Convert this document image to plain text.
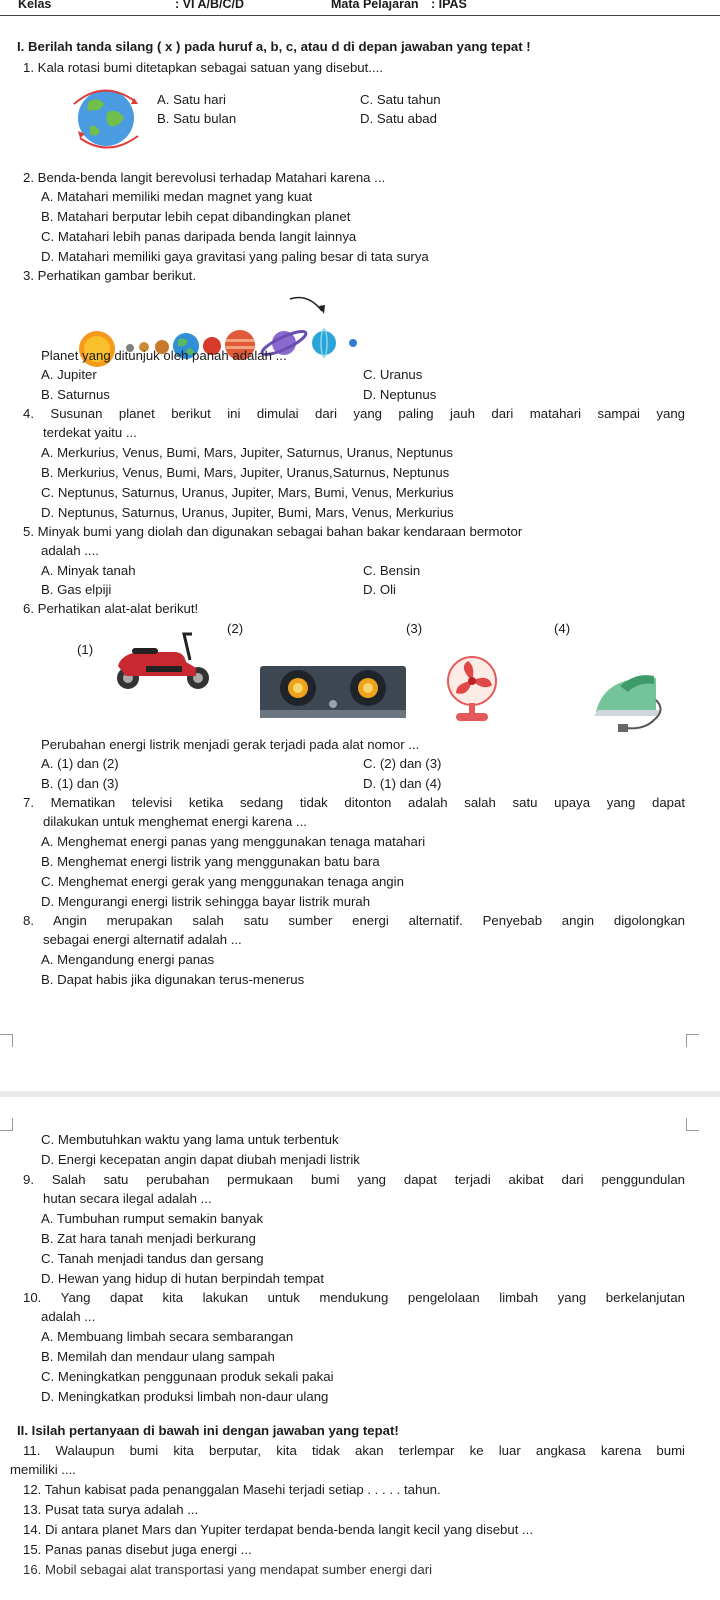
Kelas	: VI A/B/C/D	Mata Pelajaran : IPAS
I. Berilah tanda silang ( x ) pada huruf a, b, c, atau d di depan jawaban yang tepat !
1. Kala rotasi bumi ditetapkan sebagai satuan yang disebut....
A. Satu hari
B. Satu bulan
C. Satu tahun
D. Satu abad
2. Benda-benda langit berevolusi terhadap Matahari karena ...
A. Matahari memiliki medan magnet yang kuat
B. Matahari berputar lebih cepat dibandingkan planet
C. Matahari lebih panas daripada benda langit lainnya
D. Matahari memiliki gaya gravitasi yang paling besar di tata surya
3. Perhatikan gambar berikut.
Planet yang ditunjuk oleh panah adalah ...
A. Jupiter
B. Saturnus
C. Uranus
D. Neptunus
4. Susunan planet berikut ini dimulai dari yang paling jauh dari matahari sampai yang
terdekat yaitu ...
A. Merkurius, Venus, Bumi, Mars, Jupiter, Saturnus, Uranus, Neptunus
B. Merkurius, Venus, Bumi, Mars, Jupiter, Uranus,Saturnus, Neptunus
C. Neptunus, Saturnus, Uranus, Jupiter, Mars, Bumi, Venus, Merkurius
D. Neptunus, Saturnus, Uranus, Jupiter, Bumi, Mars, Venus, Merkurius
5. Minyak bumi yang diolah dan digunakan sebagai bahan bakar kendaraan bermotor
adalah ....
A. Minyak tanah
B. Gas elpiji
C. Bensin
D. Oli
6. Perhatikan alat-alat berikut!
(1)
(2)	(3)	(4)
Perubahan energi listrik menjadi gerak terjadi pada alat nomor ...
A. (1) dan (2)
B. (1) dan (3)
C. (2) dan (3)
D. (1) dan (4)
7. Mematikan televisi ketika sedang tidak ditonton adalah salah satu upaya yang dapat
dilakukan untuk menghemat energi karena ...
A. Menghemat energi panas yang menggunakan tenaga matahari
B. Menghemat energi listrik yang menggunakan batu bara
C. Menghemat energi gerak yang menggunakan tenaga angin
D. Mengurangi energi listrik sehingga bayar listrik murah
8. Angin merupakan salah satu sumber energi alternatif. Penyebab angin digolongkan
sebagai energi alternatif adalah ...
A. Mengandung energi panas
B. Dapat habis jika digunakan terus-menerus
C. Membutuhkan waktu yang lama untuk terbentuk
D. Energi kecepatan angin dapat diubah menjadi listrik
9. Salah satu perubahan permukaan bumi yang dapat terjadi akibat dari penggundulan
hutan secara ilegal adalah ...
A. Tumbuhan rumput semakin banyak
B. Zat hara tanah menjadi berkurang
C. Tanah menjadi tandus dan gersang
D. Hewan yang hidup di hutan berpindah tempat
10. Yang dapat kita lakukan untuk mendukung pengelolaan limbah yang berkelanjutan
adalah ...
A. Membuang limbah secara sembarangan
B. Memilah dan mendaur ulang sampah
C. Meningkatkan penggunaan produk sekali pakai
D. Meningkatkan produksi limbah non-daur ulang
II. Isilah pertanyaan di bawah ini dengan jawaban yang tepat!
11. Walaupun bumi kita berputar, kita tidak akan terlempar ke luar angkasa karena bumi
memiliki ....
12. Tahun kabisat pada penanggalan Masehi terjadi setiap . . . . . tahun.
13. Pusat tata surya adalah ...
14. Di antara planet Mars dan Yupiter terdapat benda-benda langit kecil yang disebut ...
15. Panas panas disebut juga energi ...
16. Mobil sebagai alat transportasi yang mendapat sumber energi dari
